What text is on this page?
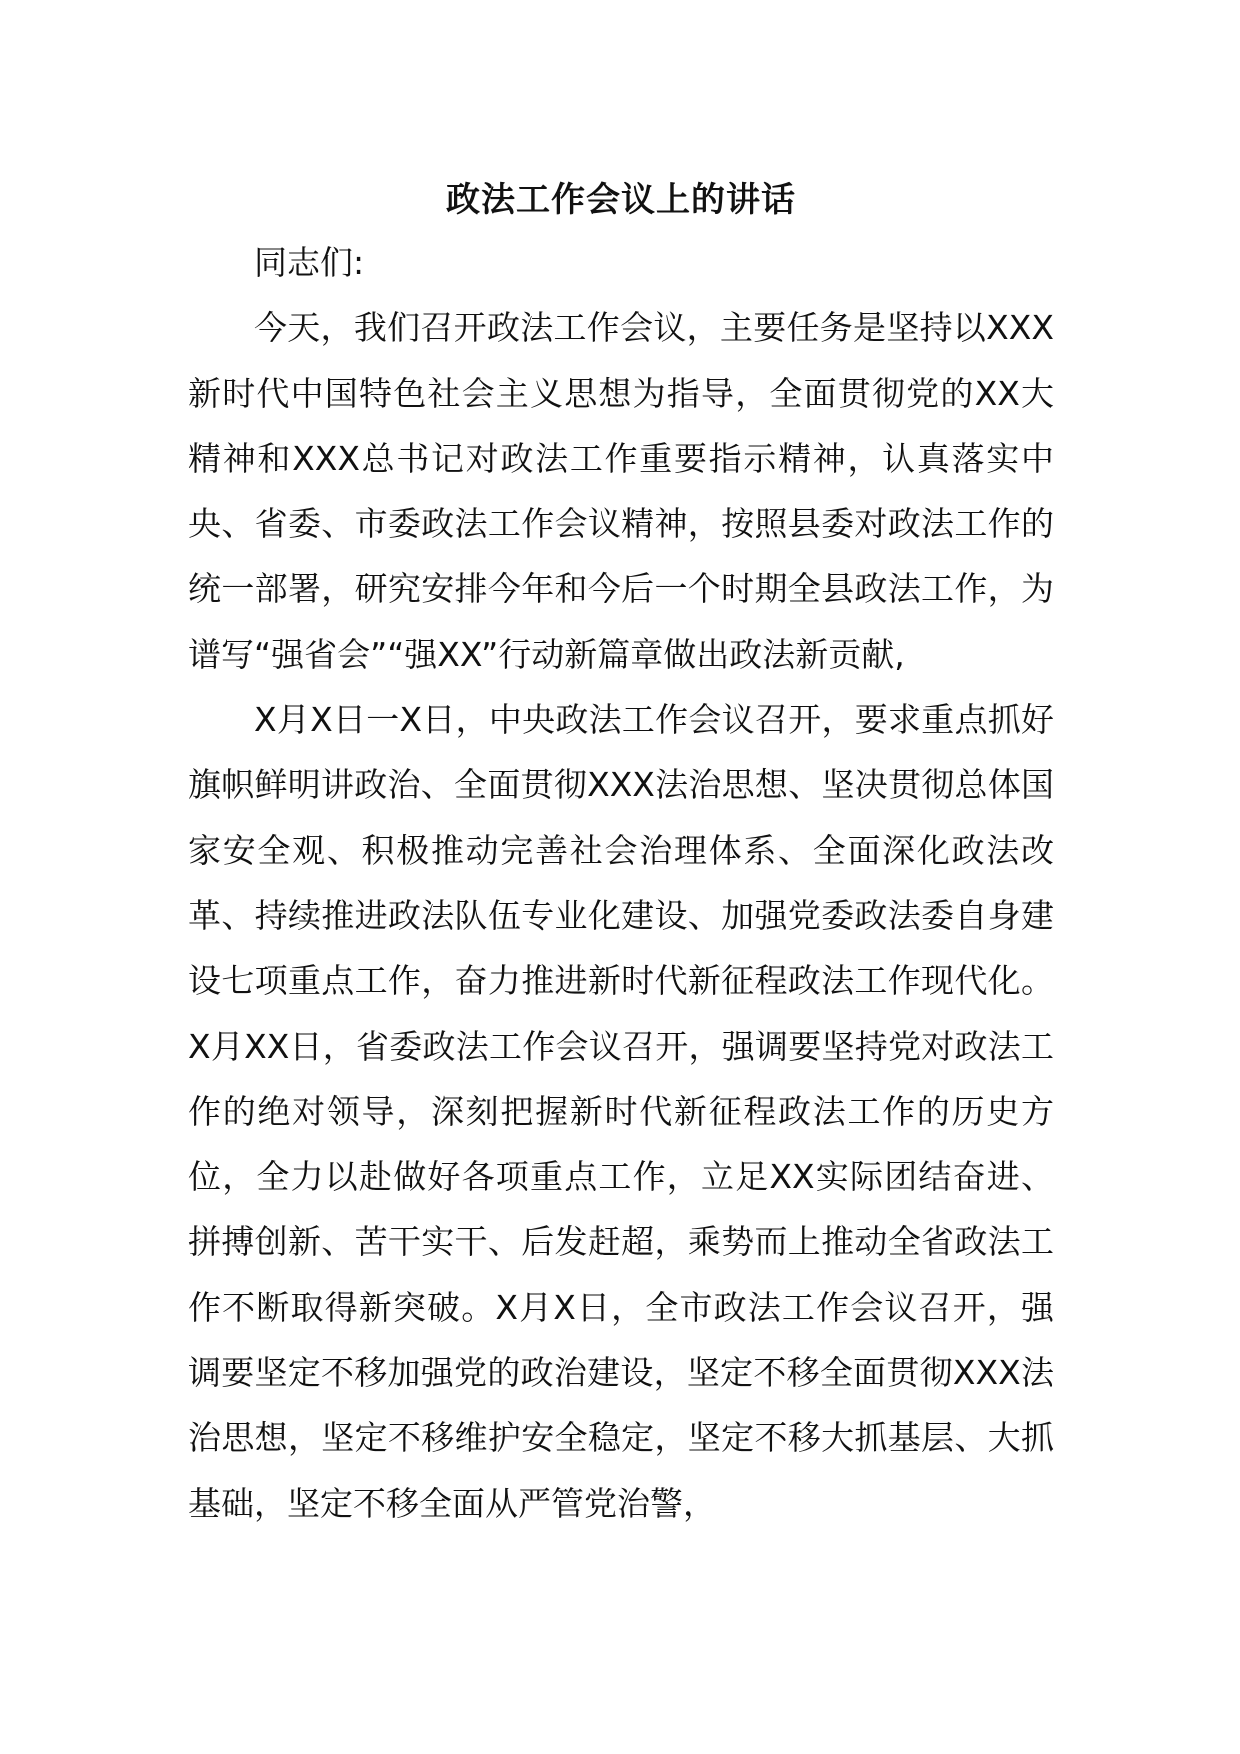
政法工作会议上的讲话

同志们:

今天，我们召开政法工作会议，主要任务是坚持以XXX新时代中国特色社会主义思想为指导，全面贯彻党的XX大精神和XXX总书记对政法工作重要指示精神，认真落实中央、省委、市委政法工作会议精神，按照县委对政法工作的统一部署，研究安排今年和今后一个时期全县政法工作，为谱写“强省会”“强XX”行动新篇章做出政法新贡献,

X月X日一X日，中央政法工作会议召开，要求重点抓好旗帜鲜明讲政治、全面贯彻XXX法治思想、坚决贯彻总体国家安全观、积极推动完善社会治理体系、全面深化政法改革、持续推进政法队伍专业化建设、加强党委政法委自身建设七项重点工作，奋力推进新时代新征程政法工作现代化。X月XX日，省委政法工作会议召开，强调要坚持党对政法工作的绝对领导，深刻把握新时代新征程政法工作的历史方位，全力以赴做好各项重点工作，立足XX实际团结奋进、拼搏创新、苦干实干、后发赶超，乘势而上推动全省政法工作不断取得新突破。X月X日，全市政法工作会议召开，强调要坚定不移加强党的政治建设，坚定不移全面贯彻XXX法治思想，坚定不移维护安全稳定，坚定不移大抓基层、大抓基础，坚定不移全面从严管党治警，
